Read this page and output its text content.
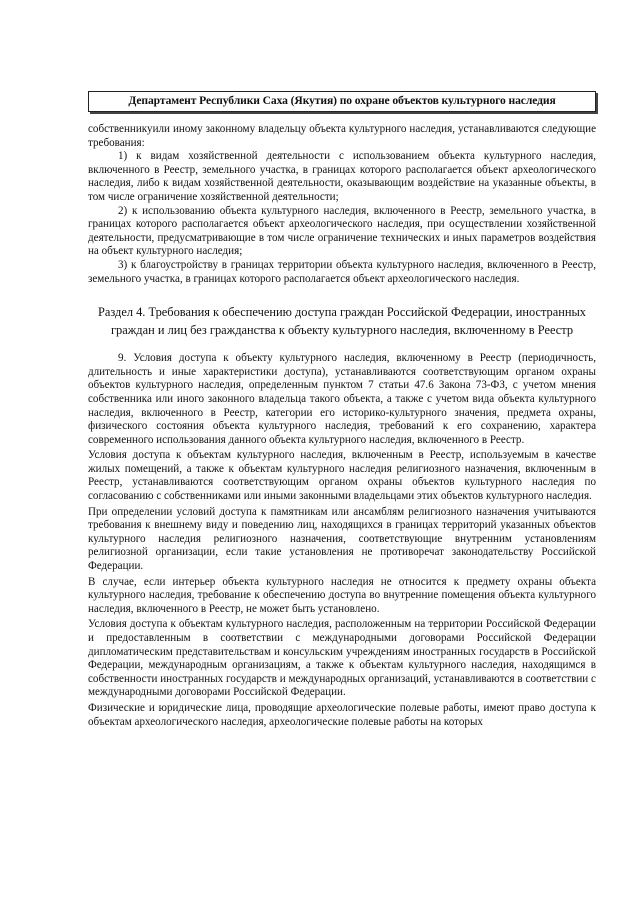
Департамент Республики Саха (Якутия) по охране объектов культурного наследия

собственникуили иному законному владельцу объекта культурного наследия, устанавливаются следующие требования:

1) к видам хозяйственной деятельности с использованием объекта культурного наследия, включенного в Реестр, земельного участка, в границах которого располагается объект археологического наследия, либо к видам хозяйственной деятельности, оказывающим воздействие на указанные объекты, в том числе ограничение хозяйственной деятельности;

2) к использованию объекта культурного наследия, включенного в Реестр, земельного участка, в границах которого располагается объект археологического наследия, при осуществлении хозяйственной деятельности, предусматривающие в том числе ограничение технических и иных параметров воздействия на объект культурного наследия;

3) к благоустройству в границах территории объекта культурного наследия, включенного в Реестр, земельного участка, в границах которого располагается объект археологического наследия.

Раздел 4. Требования к обеспечению доступа граждан Российской Федерации, иностранных граждан и лиц без гражданства к объекту культурного наследия, включенному в Реестр

9. Условия доступа к объекту культурного наследия, включенному в Реестр (периодичность, длительность и иные характеристики доступа), устанавливаются соответствующим органом охраны объектов культурного наследия, определенным пунктом 7 статьи 47.6 Закона 73-ФЗ, с учетом мнения собственника или иного законного владельца такого объекта, а также с учетом вида объекта культурного наследия, включенного в Реестр, категории его историко-культурного значения, предмета охраны, физического состояния объекта культурного наследия, требований к его сохранению, характера современного использования данного объекта культурного наследия, включенного в Реестр.

Условия доступа к объектам культурного наследия, включенным в Реестр, используемым в качестве жилых помещений, а также к объектам культурного наследия религиозного назначения, включенным в Реестр, устанавливаются соответствующим органом охраны объектов культурного наследия по согласованию с собственниками или иными законными владельцами этих объектов культурного наследия.

При определении условий доступа к памятникам или ансамблям религиозного назначения учитываются требования к внешнему виду и поведению лиц, находящихся в границах территорий указанных объектов культурного наследия религиозного назначения, соответствующие внутренним установлениям религиозной организации, если такие установления не противоречат законодательству Российской Федерации.

В случае, если интерьер объекта культурного наследия не относится к предмету охраны объекта культурного наследия, требование к обеспечению доступа во внутренние помещения объекта культурного наследия, включенного в Реестр, не может быть установлено.

Условия доступа к объектам культурного наследия, расположенным на территории Российской Федерации и предоставленным в соответствии с международными договорами Российской Федерации дипломатическим представительствам и консульским учреждениям иностранных государств в Российской Федерации, международным организациям, а также к объектам культурного наследия, находящимся в собственности иностранных государств и международных организаций, устанавливаются в соответствии с международными договорами Российской Федерации.

Физические и юридические лица, проводящие археологические полевые работы, имеют право доступа к объектам археологического наследия, археологические полевые работы на которых
